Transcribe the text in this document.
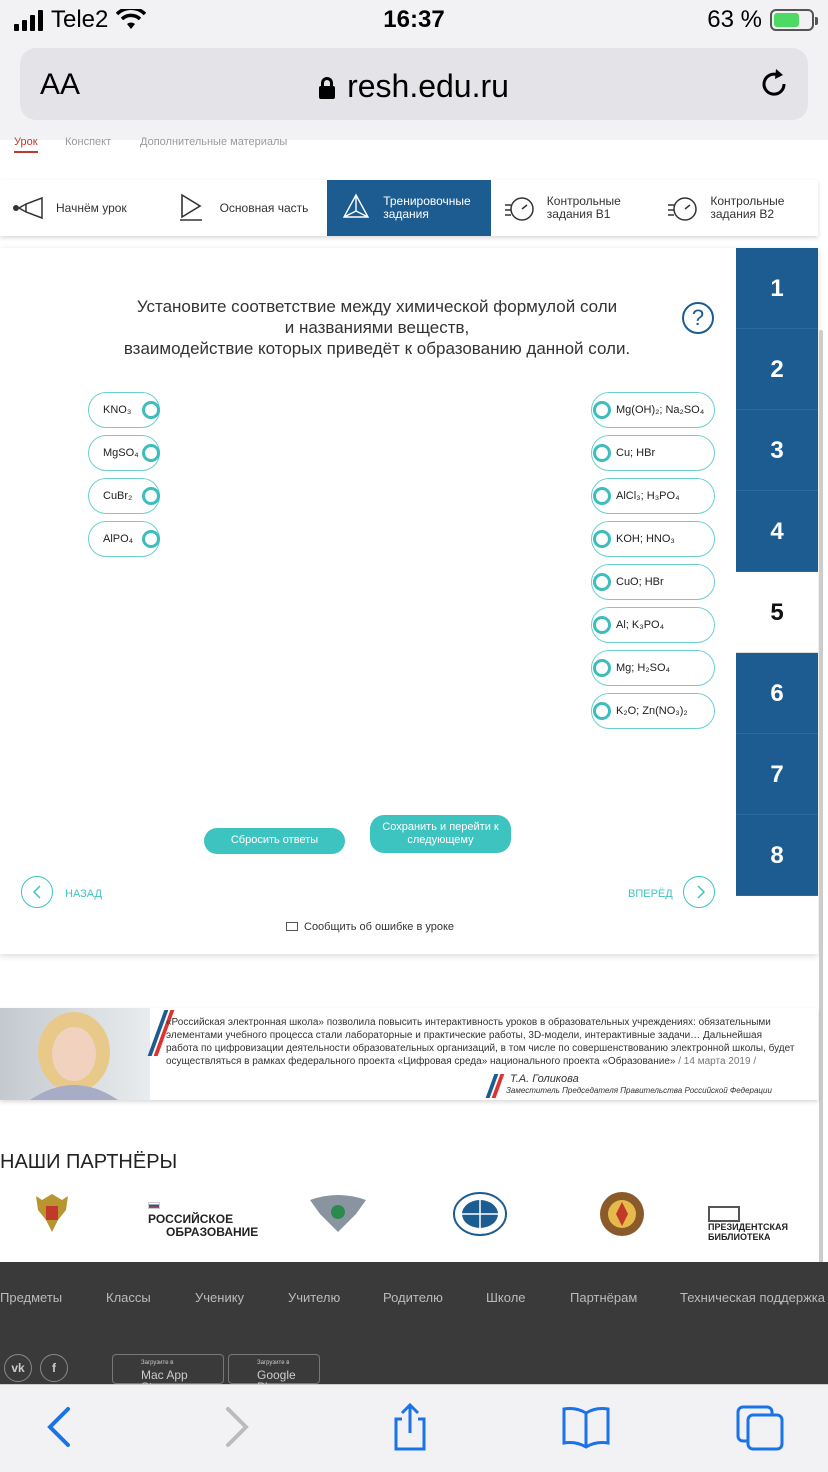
Tele2	16:37	63 %
AA	resh.edu.ru
Урок Конспект	Дополнительные материалы
Начнём урок	Основная часть	Тренировочные задания
Контрольные задания В1
Контрольные задания В2
Установите соответствие между химической формулой соли
и названиями веществ,
взаимодействие которых приведёт к образованию данной соли.
?
KNO₃
MgSO₄
CuBr₂
AlPO₄
Mg(OH)₂; Na₂SO₄
Cu; HBr
AlCl₃; H₃PO₄
KOH; HNO₃
CuO; HBr
Al; K₃PO₄
Mg; H₂SO₄
K₂O; Zn(NO₃)₂
Сбросить ответы
Сохранить и перейти к следующему
НАЗАД	ВПЕРЁД
Сообщить об ошибке в уроке
1
2
3
4
5
6
7
8
«Российская электронная школа» позволила повысить интерактивность уроков в образовательных учреждениях: обязательными элементами учебного процесса стали лабораторные и практические работы, 3D-модели, интерактивные задачи… Дальнейшая работа по цифровизации деятельности образовательных организаций, в том числе по совершенствованию электронной школы, будет осуществляться в рамках федерального проекта «Цифровая среда» национального проекта «Образование» / 14 марта 2019 /
Т.А. Голикова
Заместитель Председателя Правительства Российской Федерации
НАШИ ПАРТНЁРЫ
РОССИЙСКОЕ
ОБРАЗОВАНИЕ	ПРЕЗИДЕНТСКАЯ
БИБЛИОТЕКА
Предметы	Классы	Ученику	Учителю	Родителю	Школе	Партнёрам	Техническая поддержка
vk	f	Загрузите в
Mac App
Загрузите в
Google
